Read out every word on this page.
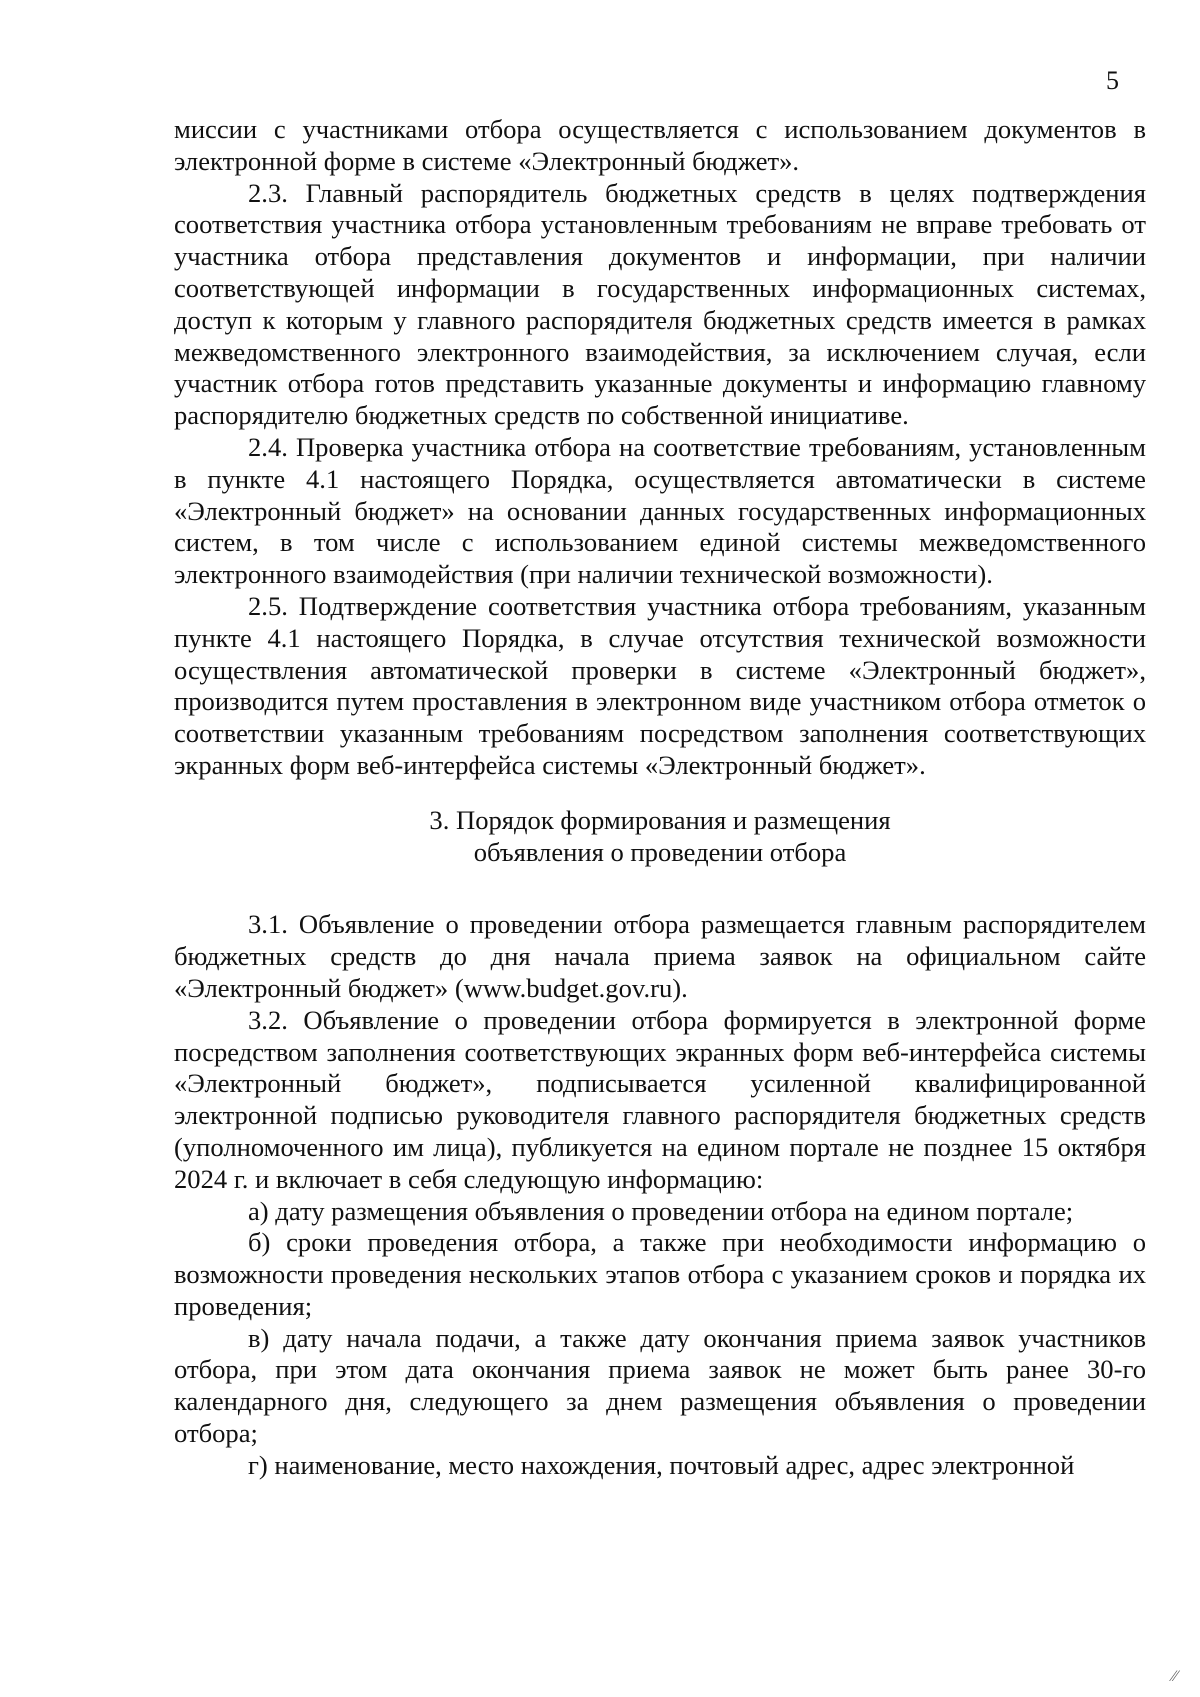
5

миссии с участниками отбора осуществляется с использованием документов в электронной форме в системе «Электронный бюджет».

2.3. Главный распорядитель бюджетных средств в целях подтверждения соответствия участника отбора установленным требованиям не вправе требовать от участника отбора представления документов и информации, при наличии соответствующей информации в государственных информационных системах, доступ к которым у главного распорядителя бюджетных средств имеется в рамках межведомственного электронного взаимодействия, за исключением случая, если участник отбора готов представить указанные документы и информацию главному распорядителю бюджетных средств по собственной инициативе.

2.4. Проверка участника отбора на соответствие требованиям, установленным в пункте 4.1 настоящего Порядка, осуществляется автоматически в системе «Электронный бюджет» на основании данных государственных информационных систем, в том числе с использованием единой системы межведомственного электронного взаимодействия (при наличии технической возможности).

2.5. Подтверждение соответствия участника отбора требованиям, указанным пункте 4.1 настоящего Порядка, в случае отсутствия технической возможности осуществления автоматической проверки в системе «Электронный бюджет», производится путем проставления в электронном виде участником отбора отметок о соответствии указанным требованиям посредством заполнения соответствующих экранных форм веб-интерфейса системы «Электронный бюджет».

3. Порядок формирования и размещения
объявления о проведении отбора

3.1. Объявление о проведении отбора размещается главным распорядителем бюджетных средств до дня начала приема заявок на официальном сайте «Электронный бюджет» (www.budget.gov.ru).

3.2. Объявление о проведении отбора формируется в электронной форме посредством заполнения соответствующих экранных форм веб-интерфейса системы «Электронный бюджет», подписывается усиленной квалифицированной электронной подписью руководителя главного распорядителя бюджетных средств (уполномоченного им лица), публикуется на едином портале не позднее 15 октября 2024 г. и включает в себя следующую информацию:

а) дату размещения объявления о проведении отбора на едином портале;

б) сроки проведения отбора, а также при необходимости информацию о возможности проведения нескольких этапов отбора с указанием сроков и порядка их проведения;

в) дату начала подачи, а также дату окончания приема заявок участников отбора, при этом дата окончания приема заявок не может быть ранее 30-го календарного дня, следующего за днем размещения объявления о проведении отбора;

г) наименование, место нахождения, почтовый адрес, адрес электронной

⁄⁄
